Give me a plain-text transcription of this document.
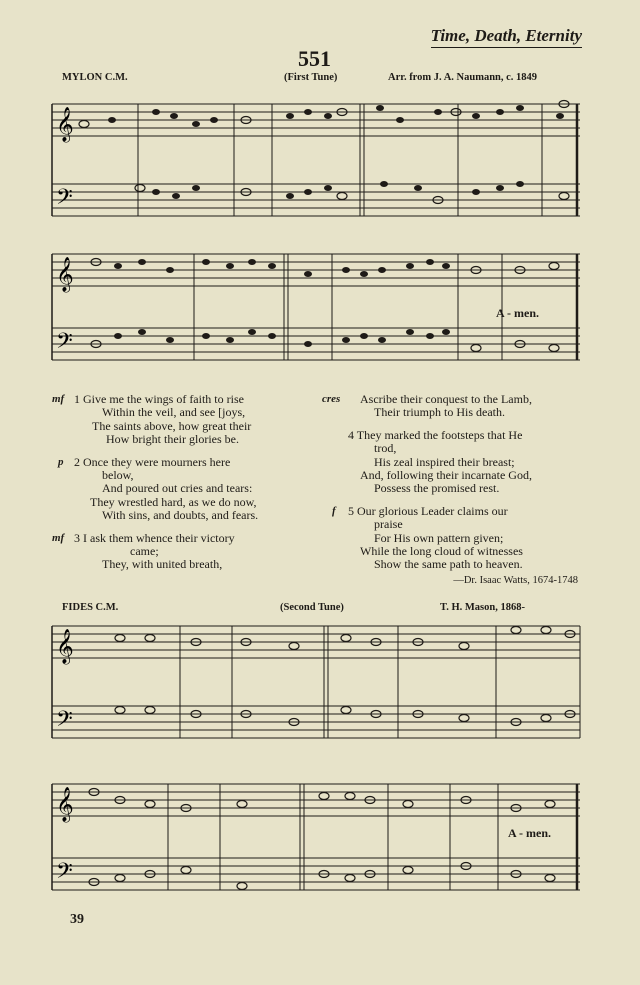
Time, Death, Eternity
551
MYLON C.M.	(First Tune)	Arr. from J. A. Naumann, c. 1849
𝄞
𝄢
𝄞
𝄢
A - men.
mf 1 Give me the wings of faith to rise
Within the veil, and see [joys,
The saints above, how great their
How bright their glories be.
p 2 Once they were mourners here
below,
And poured out cries and tears:
They wrestled hard, as we do now,
With sins, and doubts, and fears.
mf 3 I ask them whence their victory
came;
They, with united breath,
cres	Ascribe their conquest to the Lamb,
Their triumph to His death.
4 They marked the footsteps that He
trod,
His zeal inspired their breast;
And, following their incarnate God,
Possess the promised rest.
f	5 Our glorious Leader claims our
praise
For His own pattern given;
While the long cloud of witnesses
Show the same path to heaven.
—Dr. Isaac Watts, 1674-1748
FIDES C.M.	(Second Tune)	T. H. Mason, 1868-
𝄞
𝄢
𝄞
𝄢
A - men.
39
